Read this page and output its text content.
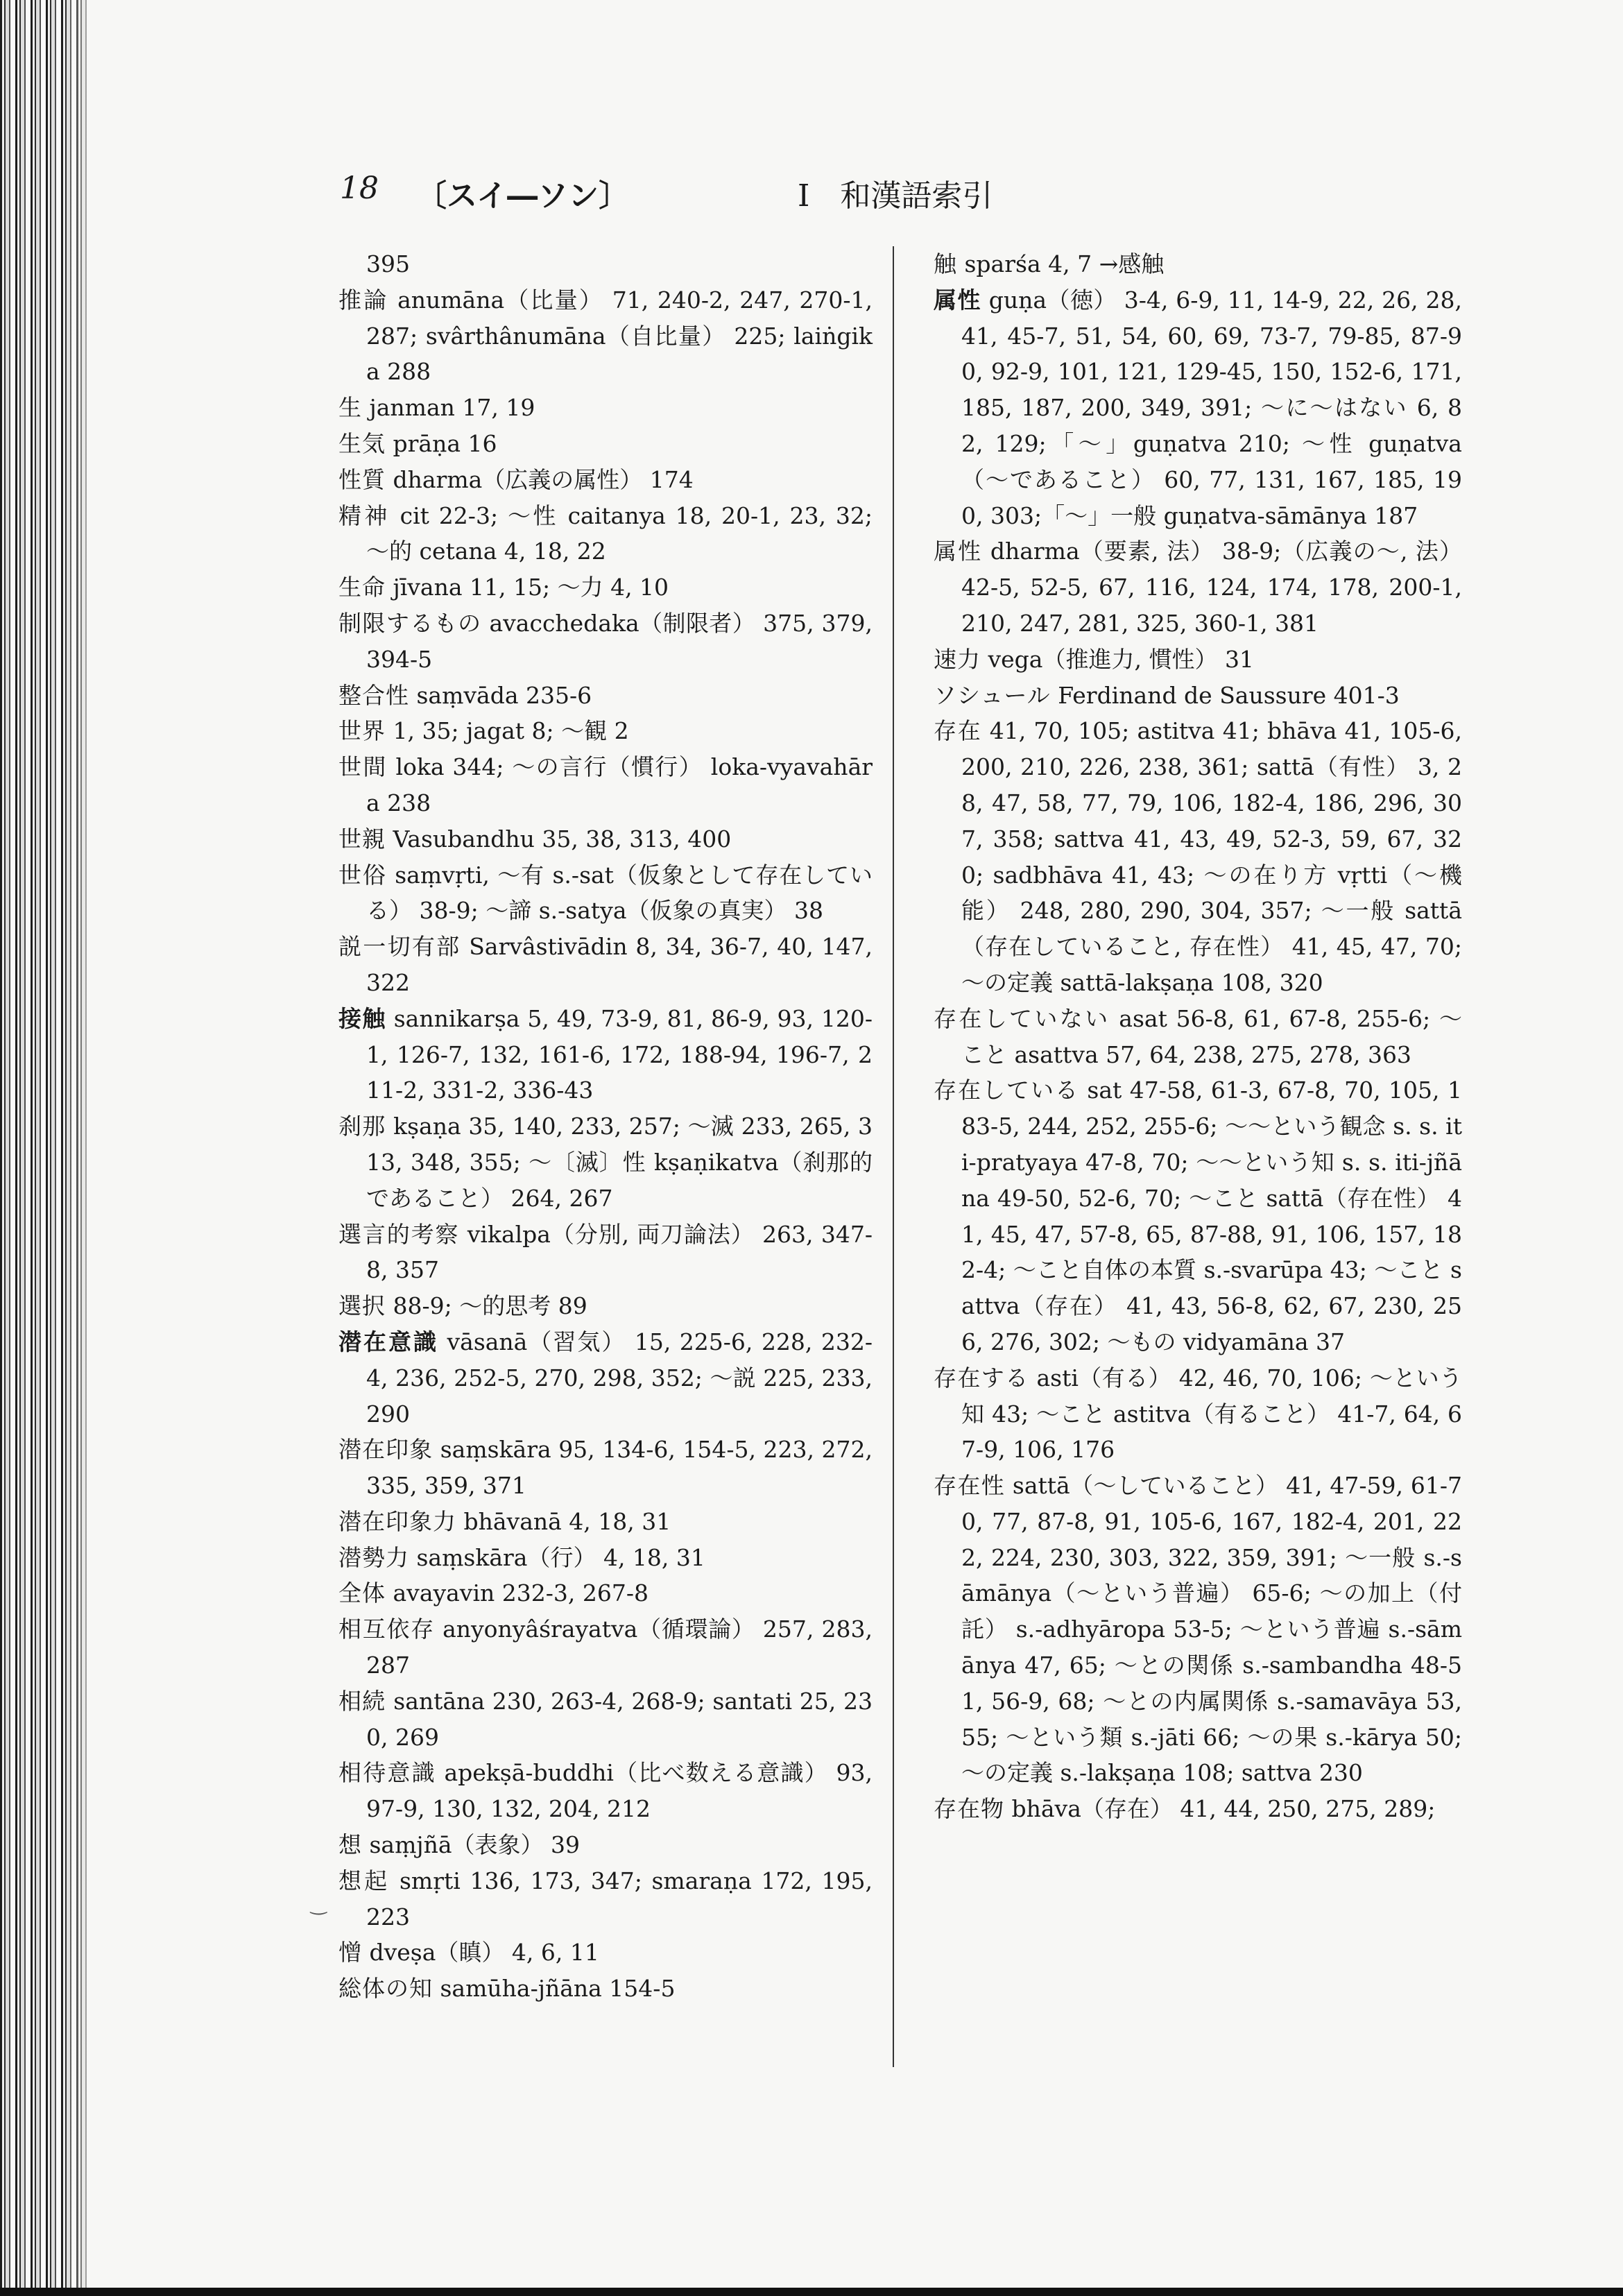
18 〔スイ―ソン〕	I　和漢語索引
395
推論 anumāna（比量） 71, 240-2, 247, 270-1, 287; svârthânumāna（自比量） 225; laiṅgika 288
生 janman 17, 19
生気 prāṇa 16
性質 dharma（広義の属性） 174
精神 cit 22-3; ～性 caitanya 18, 20-1, 23, 32; ～的 cetana 4, 18, 22
生命 jīvana 11, 15; ～力 4, 10
制限するもの avacchedaka（制限者） 375, 379, 394-5
整合性 saṃvāda 235-6
世界 1, 35; jagat 8; ～観 2
世間 loka 344; ～の言行（慣行） loka-vyavahāra 238
世親 Vasubandhu 35, 38, 313, 400
世俗 saṃvṛti, ～有 s.-sat（仮象として存在している） 38-9; ～諦 s.-satya（仮象の真実） 38
説一切有部 Sarvâstivādin 8, 34, 36-7, 40, 147, 322
接触 sannikarṣa 5, 49, 73-9, 81, 86-9, 93, 120-1, 126-7, 132, 161-6, 172, 188-94, 196-7, 211-2, 331-2, 336-43
刹那 kṣaṇa 35, 140, 233, 257; ～滅 233, 265, 313, 348, 355; ～〔滅〕性 kṣaṇikatva（刹那的であること） 264, 267
選言的考察 vikalpa（分別, 両刀論法） 263, 347-8, 357
選択 88-9; ～的思考 89
潜在意識 vāsanā（習気） 15, 225-6, 228, 232-4, 236, 252-5, 270, 298, 352; ～説 225, 233, 290
潜在印象 saṃskāra 95, 134-6, 154-5, 223, 272, 335, 359, 371
潜在印象力 bhāvanā 4, 18, 31
潜勢力 saṃskāra（行） 4, 18, 31
全体 avayavin 232-3, 267-8
相互依存 anyonyâśrayatva（循環論） 257, 283, 287
相続 santāna 230, 263-4, 268-9; santati 25, 230, 269
相待意識 apekṣā-buddhi（比べ数える意識） 93, 97-9, 130, 132, 204, 212
想 saṃjñā（表象） 39
想起 smṛti 136, 173, 347; smaraṇa 172, 195, 223
憎 dveṣa（瞋） 4, 6, 11
総体の知 samūha-jñāna 154-5
触 sparśa 4, 7 →感触
属性 guṇa（徳） 3-4, 6-9, 11, 14-9, 22, 26, 28, 41, 45-7, 51, 54, 60, 69, 73-7, 79-85, 87-90, 92-9, 101, 121, 129-45, 150, 152-6, 171, 185, 187, 200, 349, 391; ～に～はない 6, 82, 129;「～」guṇatva 210; ～性 guṇatva（～であること） 60, 77, 131, 167, 185, 190, 303;「～」一般 guṇatva-sāmānya 187
属性 dharma（要素, 法） 38-9;（広義の～, 法） 42-5, 52-5, 67, 116, 124, 174, 178, 200-1, 210, 247, 281, 325, 360-1, 381
速力 vega（推進力, 慣性） 31
ソシュール Ferdinand de Saussure 401-3
存在 41, 70, 105; astitva 41; bhāva 41, 105-6, 200, 210, 226, 238, 361; sattā（有性） 3, 28, 47, 58, 77, 79, 106, 182-4, 186, 296, 307, 358; sattva 41, 43, 49, 52-3, 59, 67, 320; sadbhāva 41, 43; ～の在り方 vṛtti（～機能） 248, 280, 290, 304, 357; ～一般 sattā（存在していること, 存在性） 41, 45, 47, 70; ～の定義 sattā-lakṣaṇa 108, 320
存在していない asat 56-8, 61, 67-8, 255-6; ～こと asattva 57, 64, 238, 275, 278, 363
存在している sat 47-58, 61-3, 67-8, 70, 105, 183-5, 244, 252, 255-6; ～～という観念 s. s. iti-pratyaya 47-8, 70; ～～という知 s. s. iti-jñāna 49-50, 52-6, 70; ～こと sattā（存在性） 41, 45, 47, 57-8, 65, 87-88, 91, 106, 157, 182-4; ～こと自体の本質 s.-svarūpa 43; ～こと sattva（存在） 41, 43, 56-8, 62, 67, 230, 256, 276, 302; ～もの vidyamāna 37
存在する asti（有る） 42, 46, 70, 106; ～という知 43; ～こと astitva（有ること） 41-7, 64, 67-9, 106, 176
存在性 sattā（～していること） 41, 47-59, 61-70, 77, 87-8, 91, 105-6, 167, 182-4, 201, 222, 224, 230, 303, 322, 359, 391; ～一般 s.-sāmānya（～という普遍） 65-6; ～の加上（付託） s.-adhyāropa 53-5; ～という普遍 s.-sāmānya 47, 65; ～との関係 s.-sambandha 48-51, 56-9, 68; ～との内属関係 s.-samavāya 53, 55; ～という類 s.-jāti 66; ～の果 s.-kārya 50; ～の定義 s.-lakṣaṇa 108; sattva 230
存在物 bhāva（存在） 41, 44, 250, 275, 289;
‿
